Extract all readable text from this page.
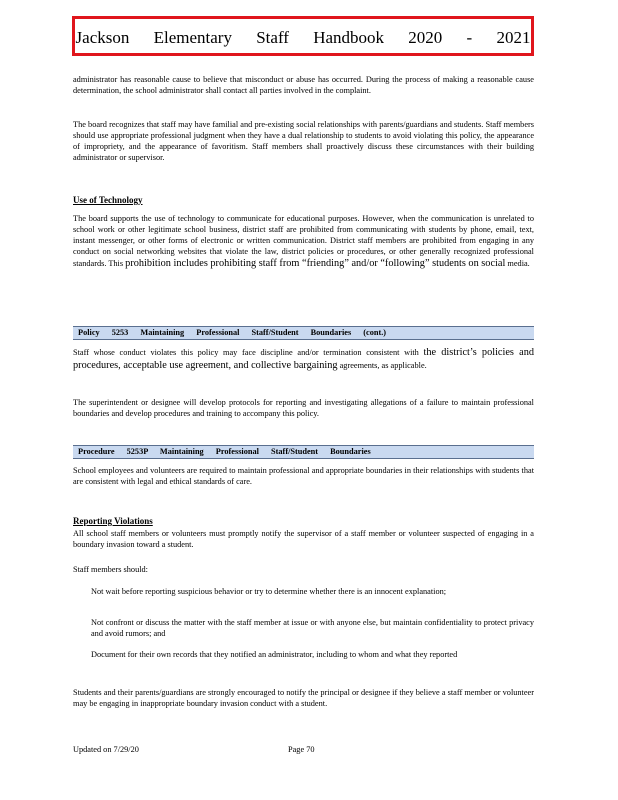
Jackson Elementary Staff Handbook 2020 - 2021

administrator has reasonable cause to believe that misconduct or abuse has occurred. During the process of making a reasonable cause determination, the school administrator shall contact all parties involved in the complaint.

The board recognizes that staff may have familial and pre-existing social relationships with parents/guardians and students. Staff members should use appropriate professional judgment when they have a dual relationship to students to avoid violating this policy, the appearance of impropriety, and the appearance of favoritism. Staff members shall proactively discuss these circumstances with their building administrator or supervisor.

Use of Technology

The board supports the use of technology to communicate for educational purposes. However, when the communication is unrelated to school work or other legitimate school business, district staff are prohibited from communicating with students by phone, email, text, instant messenger, or other forms of electronic or written communication. District staff members are prohibited from engaging in any conduct on social networking websites that violate the law, district policies or procedures, or other generally recognized professional standards. This prohibition includes prohibiting staff from “friending” and/or “following” students on social media.

Policy 5253 Maintaining Professional Staff/Student Boundaries (cont.)

Staff whose conduct violates this policy may face discipline and/or termination consistent with the district’s policies and procedures, acceptable use agreement, and collective bargaining agreements, as applicable.

The superintendent or designee will develop protocols for reporting and investigating allegations of a failure to maintain professional boundaries and develop procedures and training to accompany this policy.

Procedure 5253P Maintaining Professional Staff/Student Boundaries

School employees and volunteers are required to maintain professional and appropriate boundaries in their relationships with students that are consistent with legal and ethical standards of care.

Reporting Violations

All school staff members or volunteers must promptly notify the supervisor of a staff member or volunteer suspected of engaging in a boundary invasion toward a student.

Staff members should:

Not wait before reporting suspicious behavior or try to determine whether there is an innocent explanation;
Not confront or discuss the matter with the staff member at issue or with anyone else, but maintain confidentiality to protect privacy and avoid rumors; and
Document for their own records that they notified an administrator, including to whom and what they reported

Students and their parents/guardians are strongly encouraged to notify the principal or designee if they believe a staff member or volunteer may be engaging in inappropriate boundary invasion conduct with a student.

Updated on 7/29/20	Page 70
